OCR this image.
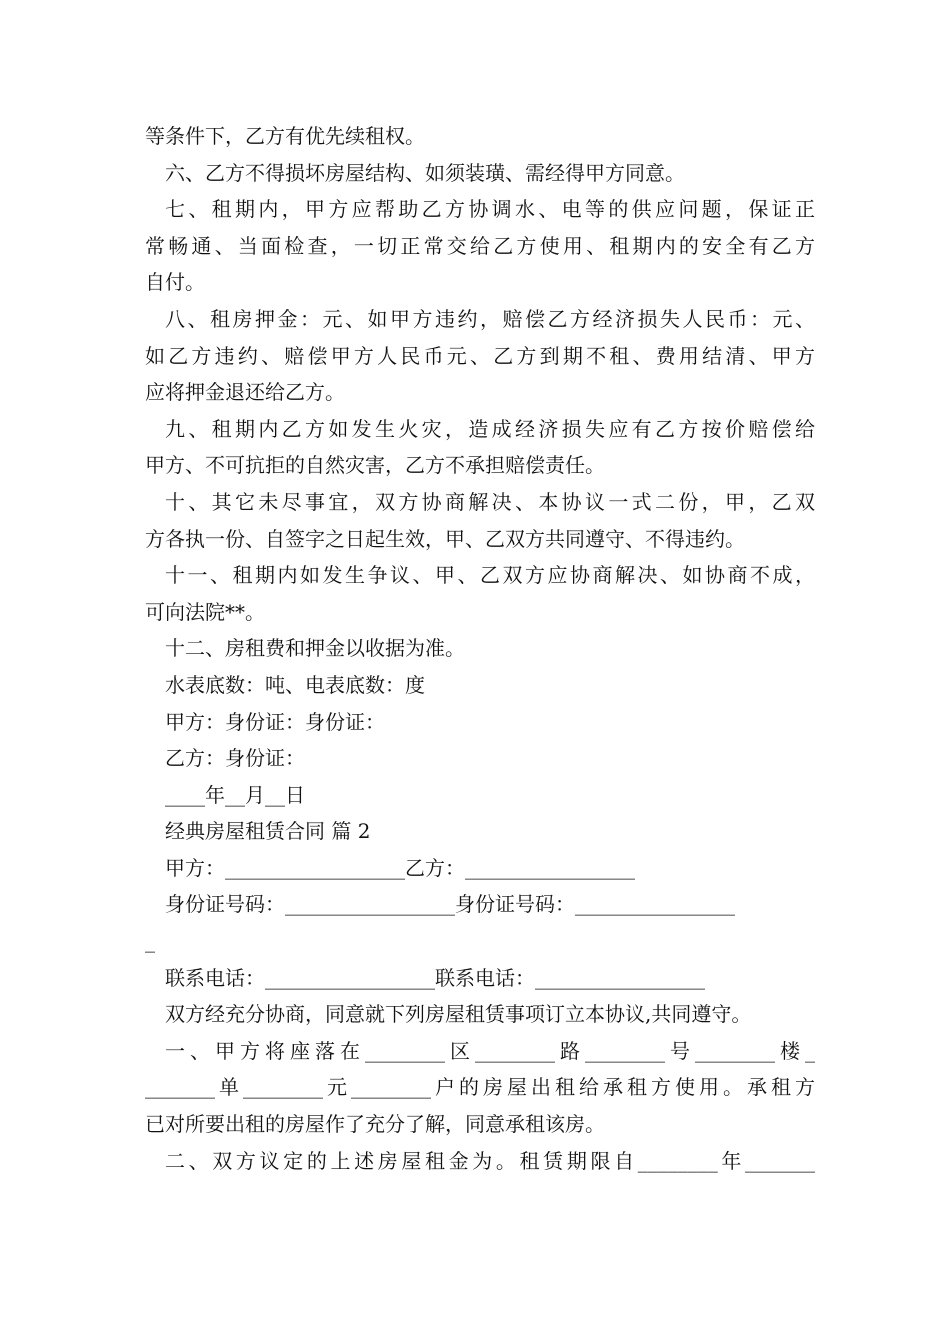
等条件下，乙方有优先续租权。
六、乙方不得损坏房屋结构、如须装璜、需经得甲方同意。
七、租期内，甲方应帮助乙方协调水、电等的供应问题，保证正
常畅通、当面检查，一切正常交给乙方使用、租期内的安全有乙方
自付。
八、租房押金：元、如甲方违约，赔偿乙方经济损失人民币：元、
如乙方违约、赔偿甲方人民币元、乙方到期不租、费用结清、甲方
应将押金退还给乙方。
九、租期内乙方如发生火灾，造成经济损失应有乙方按价赔偿给
甲方、不可抗拒的自然灾害，乙方不承担赔偿责任。
十、其它未尽事宜，双方协商解决、本协议一式二份，甲，乙双
方各执一份、自签字之日起生效，甲、乙双方共同遵守、不得违约。
十一、租期内如发生争议、甲、乙双方应协商解决、如协商不成，
可向法院**。
十二、房租费和押金以收据为准。
水表底数：吨、电表底数：度
甲方：身份证：身份证：
乙方：身份证：
____年__月__日
经典房屋租赁合同 篇 2
甲方：__________________乙方：_________________
身份证号码：_________________身份证号码：________________
_
联系电话：_________________联系电话：_________________
双方经充分协商，同意就下列房屋租赁事项订立本协议,共同遵守。
一、甲方将座落在________区________路________号________楼_
_______单________元________户的房屋出租给承租方使用。承租方
已对所要出租的房屋作了充分了解，同意承租该房。
二、双方议定的上述房屋租金为。租赁期限自________年_______
